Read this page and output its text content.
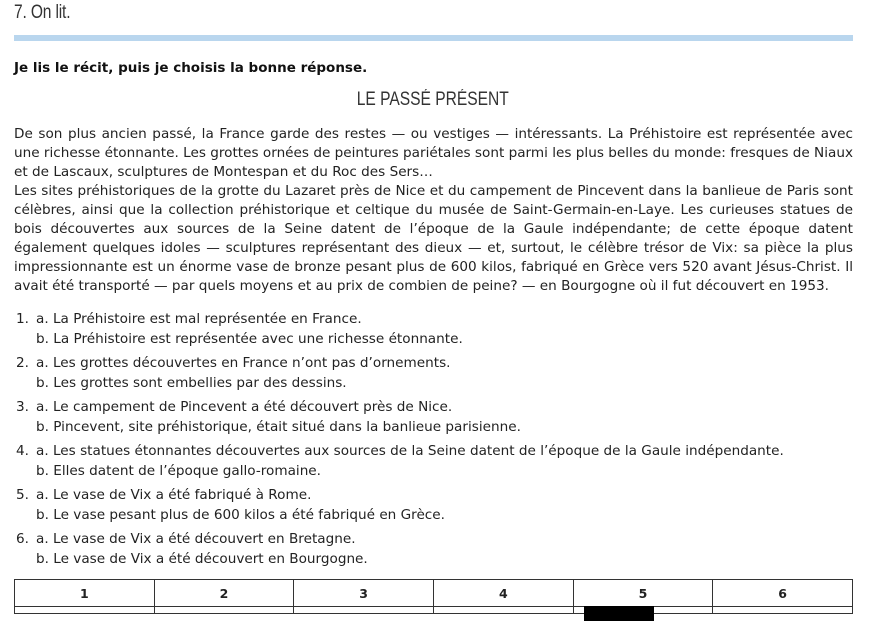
7. On lit.
Je lis le récit, puis je choisis la bonne réponse.
LE PASSÉ PRÉSENT

De son plus ancien passé, la France garde des restes — ou vestiges — intéressants. La Préhistoire est représentée avec une richesse étonnante. Les grottes ornées de peintures pariétales sont parmi les plus belles du monde: fresques de Niaux et de Lascaux, sculptures de Montespan et du Roc des Sers…

Les sites préhistoriques de la grotte du Lazaret près de Nice et du campement de Pincevent dans la banlieue de Paris sont célèbres, ainsi que la collection préhistorique et celtique du musée de Saint-Germain-en-Laye. Les curieuses statues de bois découvertes aux sources de la Seine datent de l’époque de la Gaule indépendante; de cette époque datent également quelques idoles — sculptures représentant des dieux — et, surtout, le célèbre trésor de Vix: sa pièce la plus impressionnante est un énorme vase de bronze pesant plus de 600 kilos, fabriqué en Grèce vers 520 avant Jésus-Christ. Il avait été transporté — par quels moyens et au prix de combien de peine? — en Bourgogne où il fut découvert en 1953.

1. a. La Préhistoire est mal représentée en France.
b. La Préhistoire est représentée avec une richesse étonnante.
2. a. Les grottes découvertes en France n’ont pas d’ornements.
b. Les grottes sont embellies par des dessins.
3. a. Le campement de Pincevent a été découvert près de Nice.
b. Pincevent, site préhistorique, était situé dans la banlieue parisienne.
4. a. Les statues étonnantes découvertes aux sources de la Seine datent de l’époque de la Gaule indépendante.
b. Elles datent de l’époque gallo-romaine.
5. a. Le vase de Vix a été fabriqué à Rome.
b. Le vase pesant plus de 600 kilos a été fabriqué en Grèce.
6. a. Le vase de Vix a été découvert en Bretagne.
b. Le vase de Vix a été découvert en Bourgogne.
1	2	3	4	5	6
